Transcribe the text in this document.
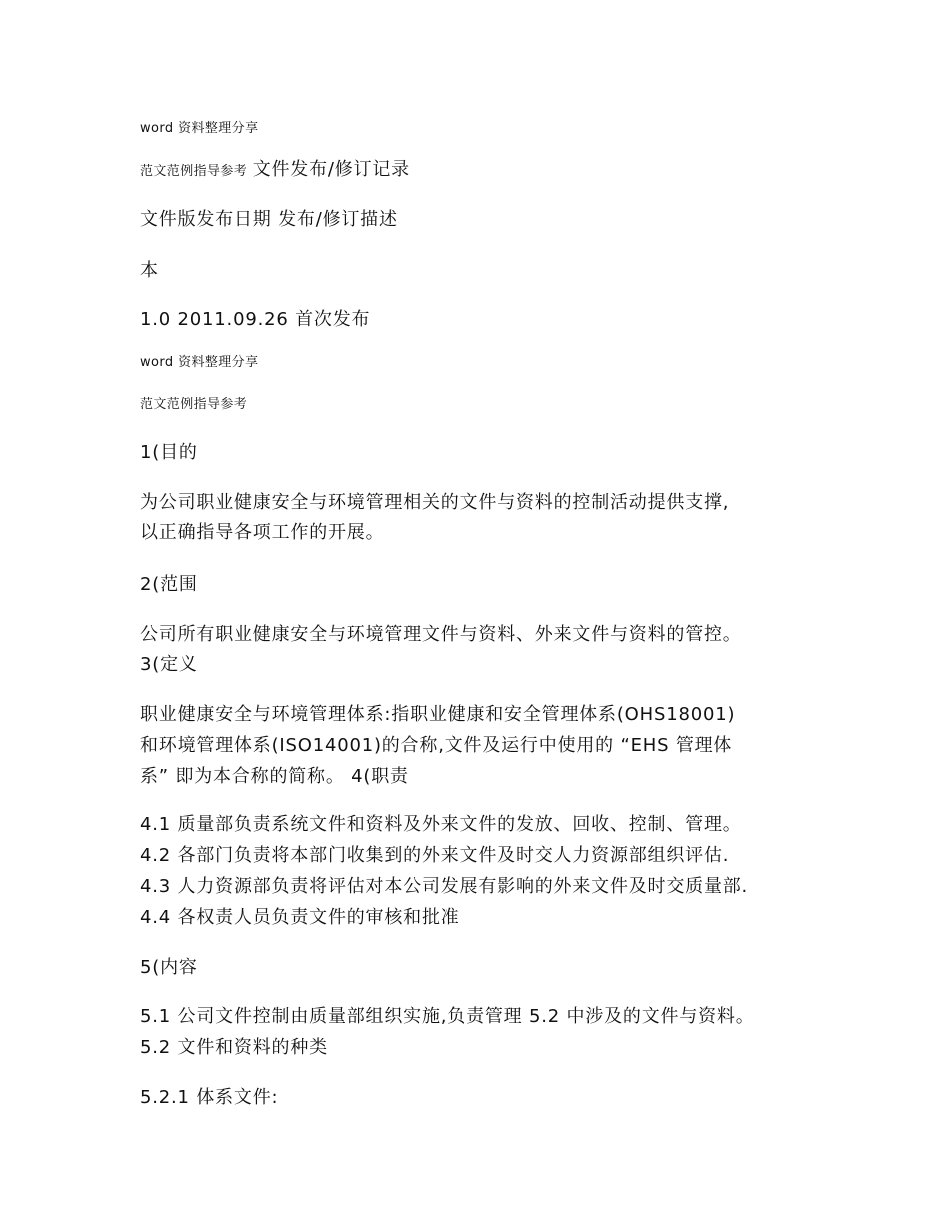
word 资料整理分享
范文范例指导参考 文件发布/修订记录
文件版发布日期 发布/修订描述
本
1.0 2011.09.26 首次发布
word 资料整理分享
范文范例指导参考
1(目的
为公司职业健康安全与环境管理相关的文件与资料的控制活动提供支撑,
以正确指导各项工作的开展。
2(范围
公司所有职业健康安全与环境管理文件与资料、外来文件与资料的管控。
3(定义
职业健康安全与环境管理体系:指职业健康和安全管理体系(OHS18001)
和环境管理体系(ISO14001)的合称,文件及运行中使用的 “EHS 管理体
系” 即为本合称的简称。 4(职责
4.1 质量部负责系统文件和资料及外来文件的发放、回收、控制、管理。
4.2 各部门负责将本部门收集到的外来文件及时交人力资源部组织评估.
4.3 人力资源部负责将评估对本公司发展有影响的外来文件及时交质量部.
4.4 各权责人员负责文件的审核和批准
5(内容
5.1 公司文件控制由质量部组织实施,负责管理 5.2 中涉及的文件与资料。
5.2 文件和资料的种类
5.2.1 体系文件:
